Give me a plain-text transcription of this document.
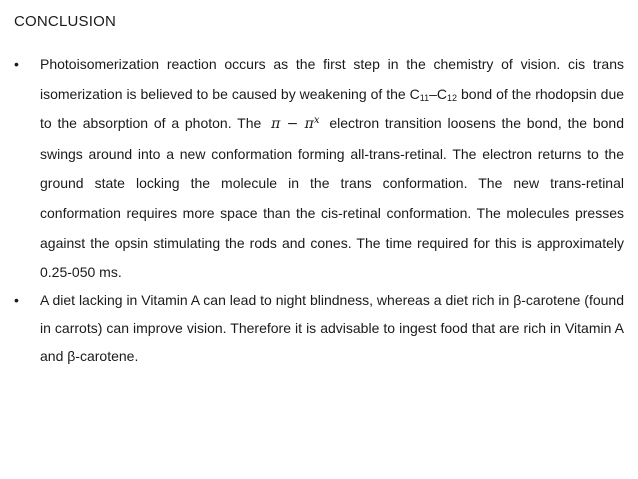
CONCLUSION
•	Photoisomerization reaction occurs as the first step in the chemistry of vision. cis trans isomerization is believed to be caused by weakening of the $C_{11}-C_{12}$ bond of the rhodopsin due to the absorption of a photon. The $\pi - \pi^x$ electron transition loosens the bond, the bond swings around into a new conformation forming all-trans-retinal. The electron returns to the ground state locking the molecule in the trans conformation. The new trans-retinal conformation requires more space than the cis-retinal conformation. The molecules presses against the opsin stimulating the rods and cones. The time required for this is approximately 0.25-050 ms.
•	A diet lacking in Vitamin A can lead to night blindness, whereas a diet rich in β-carotene (found in carrots) can improve vision. Therefore it is advisable to ingest food that are rich in Vitamin A and β-carotene.
